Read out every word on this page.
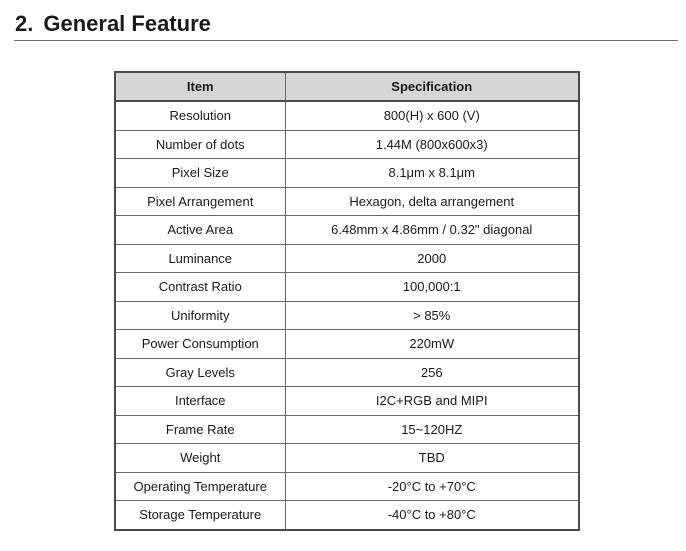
2. General Feature
Item	Specification
Resolution	800(H) x 600 (V)
Number of dots	1.44M (800x600x3)
Pixel Size	8.1μm x 8.1μm
Pixel Arrangement	Hexagon, delta arrangement
Active Area	6.48mm x 4.86mm / 0.32" diagonal
Luminance	2000
Contrast Ratio	100,000:1
Uniformity	> 85%
Power Consumption	220mW
Gray Levels	256
Interface	I2C+RGB and MIPI
Frame Rate	15~120HZ
Weight	TBD
Operating Temperature	-20°C to +70°C
Storage Temperature	-40°C to +80°C
